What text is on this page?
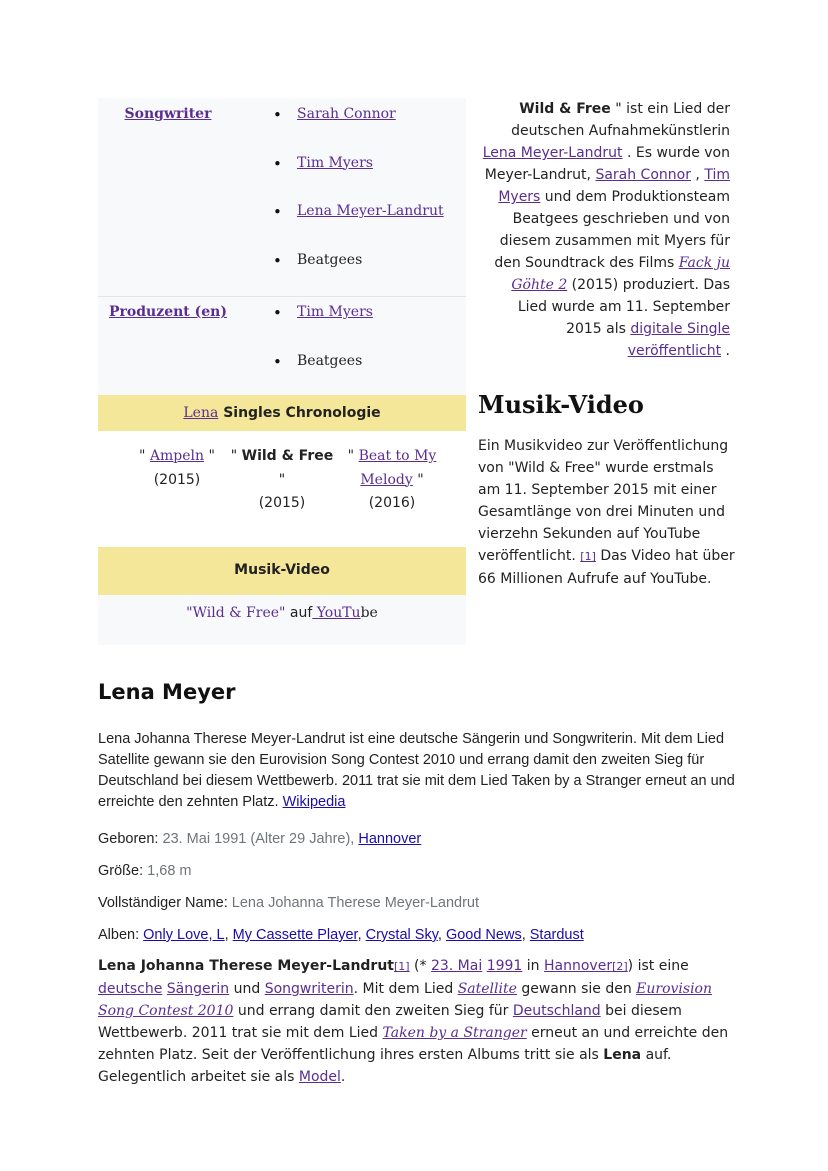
Songwriter	• Sarah Connor
• Tim Myers
• Lena Meyer-Landrut
• Beatgees
Produzent (en)	• Tim Myers
• Beatgees
Lena Singles Chronologie
" Ampeln "
(2015)
" Wild & Free "
(2015)
" Beat to My Melody "
(2016)
Musik-Video
"Wild & Free" auf YouTube
Wild & Free " ist ein Lied der deutschen Aufnahmekünstlerin Lena Meyer-Landrut . Es wurde von Meyer-Landrut, Sarah Connor , Tim Myers und dem Produktionsteam Beatgees geschrieben und von diesem zusammen mit Myers für den Soundtrack des Films Fack ju Göhte 2 (2015) produziert. Das Lied wurde am 11. September 2015 als digitale Single veröffentlicht .
Musik-Video
Ein Musikvideo zur Veröffentlichung von "Wild & Free" wurde erstmals am 11. September 2015 mit einer Gesamtlänge von drei Minuten und vierzehn Sekunden auf YouTube veröffentlicht. [1] Das Video hat über 66 Millionen Aufrufe auf YouTube.
Lena Meyer
Lena Johanna Therese Meyer-Landrut ist eine deutsche Sängerin und Songwriterin. Mit dem Lied Satellite gewann sie den Eurovision Song Contest 2010 und errang damit den zweiten Sieg für Deutschland bei diesem Wettbewerb. 2011 trat sie mit dem Lied Taken by a Stranger erneut an und erreichte den zehnten Platz. Wikipedia
Geboren: 23. Mai 1991 (Alter 29 Jahre), Hannover
Größe: 1,68 m
Vollständiger Name: Lena Johanna Therese Meyer-Landrut
Alben: Only Love, L, My Cassette Player, Crystal Sky, Good News, Stardust
Lena Johanna Therese Meyer-Landrut[1] (* 23. Mai 1991 in Hannover[2]) ist eine deutsche Sängerin und Songwriterin. Mit dem Lied Satellite gewann sie den Eurovision Song Contest 2010 und errang damit den zweiten Sieg für Deutschland bei diesem Wettbewerb. 2011 trat sie mit dem Lied Taken by a Stranger erneut an und erreichte den zehnten Platz. Seit der Veröffentlichung ihres ersten Albums tritt sie als Lena auf. Gelegentlich arbeitet sie als Model.
